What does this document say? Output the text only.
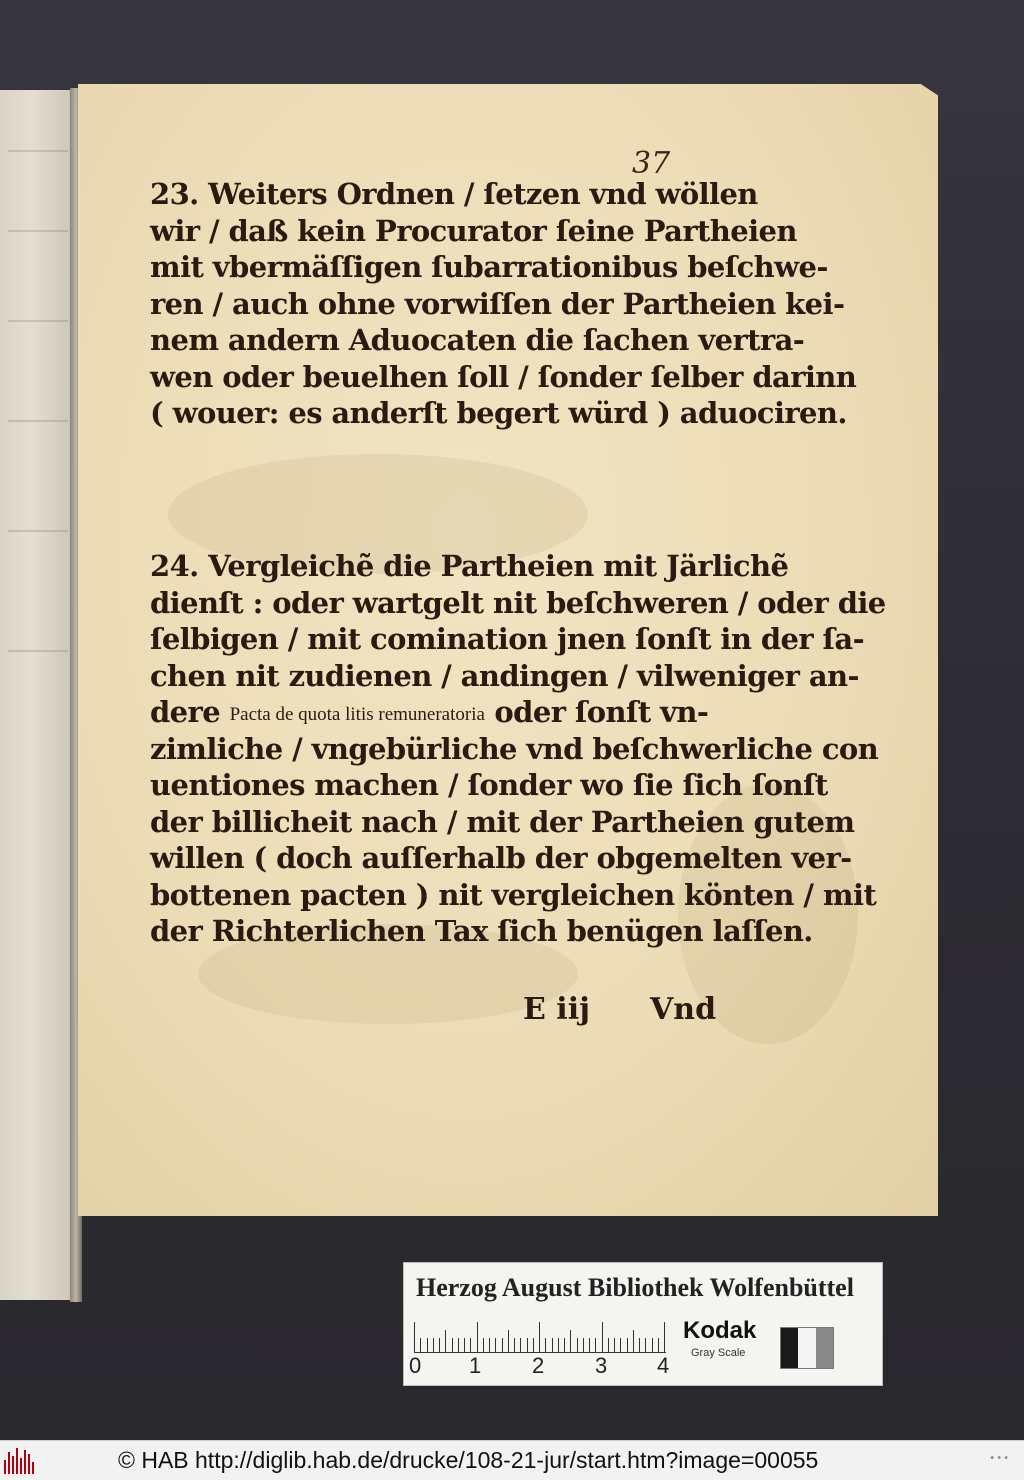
37
23. Weiters Ordnen / ſetzen vnd wöllen
wir / daß kein Procurator ſeine Partheien
mit vbermäſſigen ſubarrationibus beſchwe-
ren / auch ohne vorwiſſen der Partheien kei-
nem andern Aduocaten die ſachen vertra-
wen oder beuelhen ſoll / ſonder ſelber darinn
( wouer: es anderſt begert würd ) aduociren.
24. Vergleichẽ die Partheien mit Järlichẽ
dienſt : oder wartgelt nit beſchweren / oder die
ſelbigen / mit comination jnen ſonſt in der ſa-
chen nit zudienen / andingen / vilweniger an-
dere Pacta de quota litis remuneratoria oder ſonſt vn-
zimliche / vngebürliche vnd beſchwerliche con
uentiones machen / ſonder wo ſie ſich ſonſt
der billicheit nach / mit der Partheien gutem
willen ( doch auſſerhalb der obgemelten ver-
bottenen pacten ) nit vergleichen könten / mit
der Richterlichen Tax ſich benügen laſſen.
E iij Vnd
Herzog August Bibliothek Wolfenbüttel
0 1 2 3 4
Kodak
Gray Scale
© HAB http://diglib.hab.de/drucke/108-21-jur/start.htm?image=00055	•••
